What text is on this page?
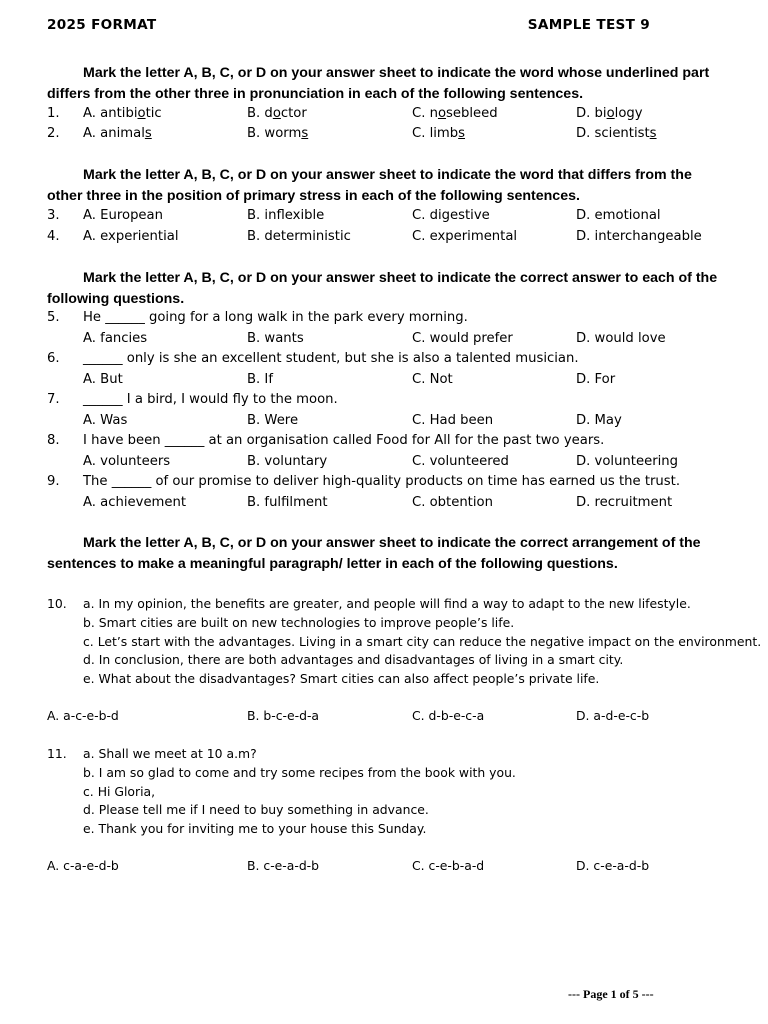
2025 FORMAT	SAMPLE TEST 9
Mark the letter A, B, C, or D on your answer sheet to indicate the word whose underlined part differs from the other three in pronunciation in each of the following sentences.
1.	A. antibiotic	B. doctor	C. nosebleed	D. biology
2.	A. animals	B. worms	C. limbs	D. scientists
Mark the letter A, B, C, or D on your answer sheet to indicate the word that differs from the other three in the position of primary stress in each of the following sentences.
3.	A. European	B. inflexible	C. digestive	D. emotional
4.	A. experiential	B. deterministic	C. experimental	D. interchangeable
Mark the letter A, B, C, or D on your answer sheet to indicate the correct answer to each of the following questions.
5.	He ______ going for a long walk in the park every morning.
A. fancies	B. wants	C. would prefer	D. would love
6.	______ only is she an excellent student, but she is also a talented musician.
A. But	B. If	C. Not	D. For
7.	______ I a bird, I would fly to the moon.
A. Was	B. Were	C. Had been	D. May
8.	I have been ______ at an organisation called Food for All for the past two years.
A. volunteers	B. voluntary	C. volunteered	D. volunteering
9.	The ______ of our promise to deliver high-quality products on time has earned us the trust.
A. achievement	B. fulfilment	C. obtention	D. recruitment
Mark the letter A, B, C, or D on your answer sheet to indicate the correct arrangement of the sentences to make a meaningful paragraph/ letter in each of the following questions.
10.	a. In my opinion, the benefits are greater, and people will find a way to adapt to the new lifestyle.
b. Smart cities are built on new technologies to improve people’s life.
c. Let’s start with the advantages. Living in a smart city can reduce the negative impact on the environment.
d. In conclusion, there are both advantages and disadvantages of living in a smart city.
e. What about the disadvantages? Smart cities can also affect people’s private life.
A. a-c-e-b-d	B. b-c-e-d-a	C. d-b-e-c-a	D. a-d-e-c-b
11.	a. Shall we meet at 10 a.m?
b. I am so glad to come and try some recipes from the book with you.
c. Hi Gloria,
d. Please tell me if I need to buy something in advance.
e. Thank you for inviting me to your house this Sunday.
A. c-a-e-d-b	B. c-e-a-d-b	C. c-e-b-a-d	D. c-e-a-d-b
--- Page 1 of 5 ---
